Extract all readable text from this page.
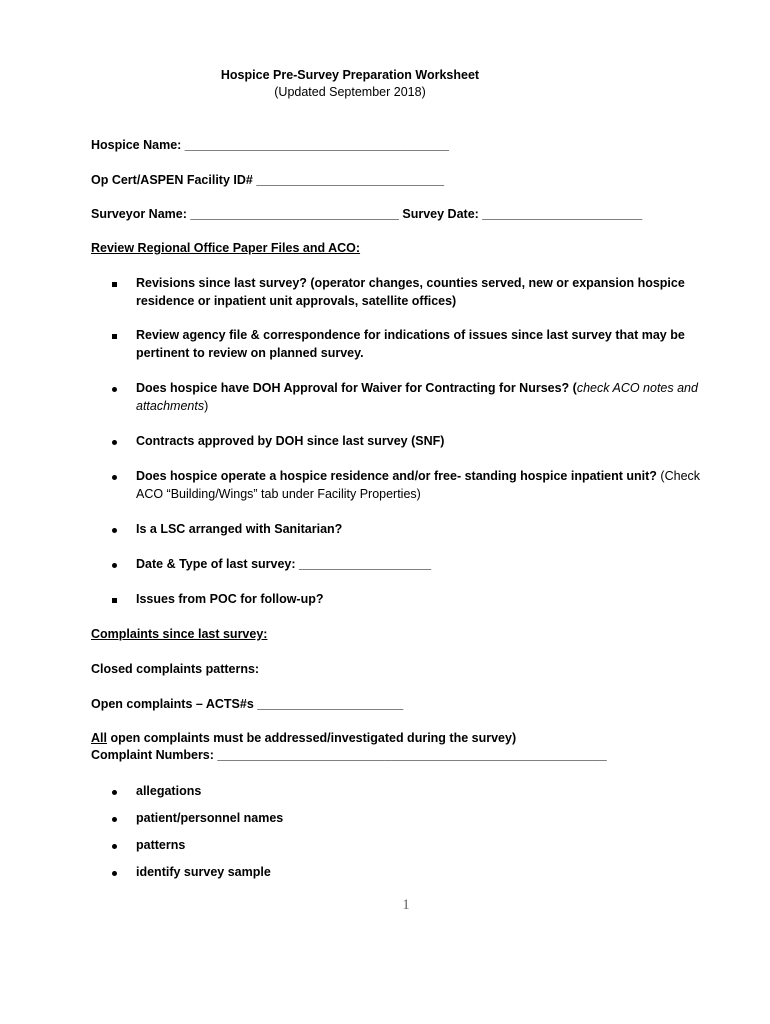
Hospice Pre-Survey Preparation Worksheet
(Updated September 2018)
Hospice Name: ______________________________________
Op Cert/ASPEN Facility ID# ___________________________
Surveyor Name: ______________________________ Survey Date: _______________________
Review Regional Office Paper Files and ACO:
Revisions since last survey? (operator changes, counties served, new or expansion hospice residence or inpatient unit approvals, satellite offices)
Review agency file & correspondence for indications of issues since last survey that may be pertinent to review on planned survey.
Does hospice have DOH Approval for Waiver for Contracting for Nurses? (check ACO notes and attachments)
Contracts approved by DOH since last survey (SNF)
Does hospice operate a hospice residence and/or free- standing hospice inpatient unit? (Check ACO “Building/Wings” tab under Facility Properties)
Is a LSC arranged with Sanitarian?
Date & Type of last survey: ___________________
Issues from POC for follow-up?
Complaints since last survey:
Closed complaints patterns:
Open complaints – ACTS#s _____________________
All open complaints must be addressed/investigated during the survey)
Complaint Numbers: ________________________________________________________
allegations
patient/personnel names
patterns
identify survey sample
1
